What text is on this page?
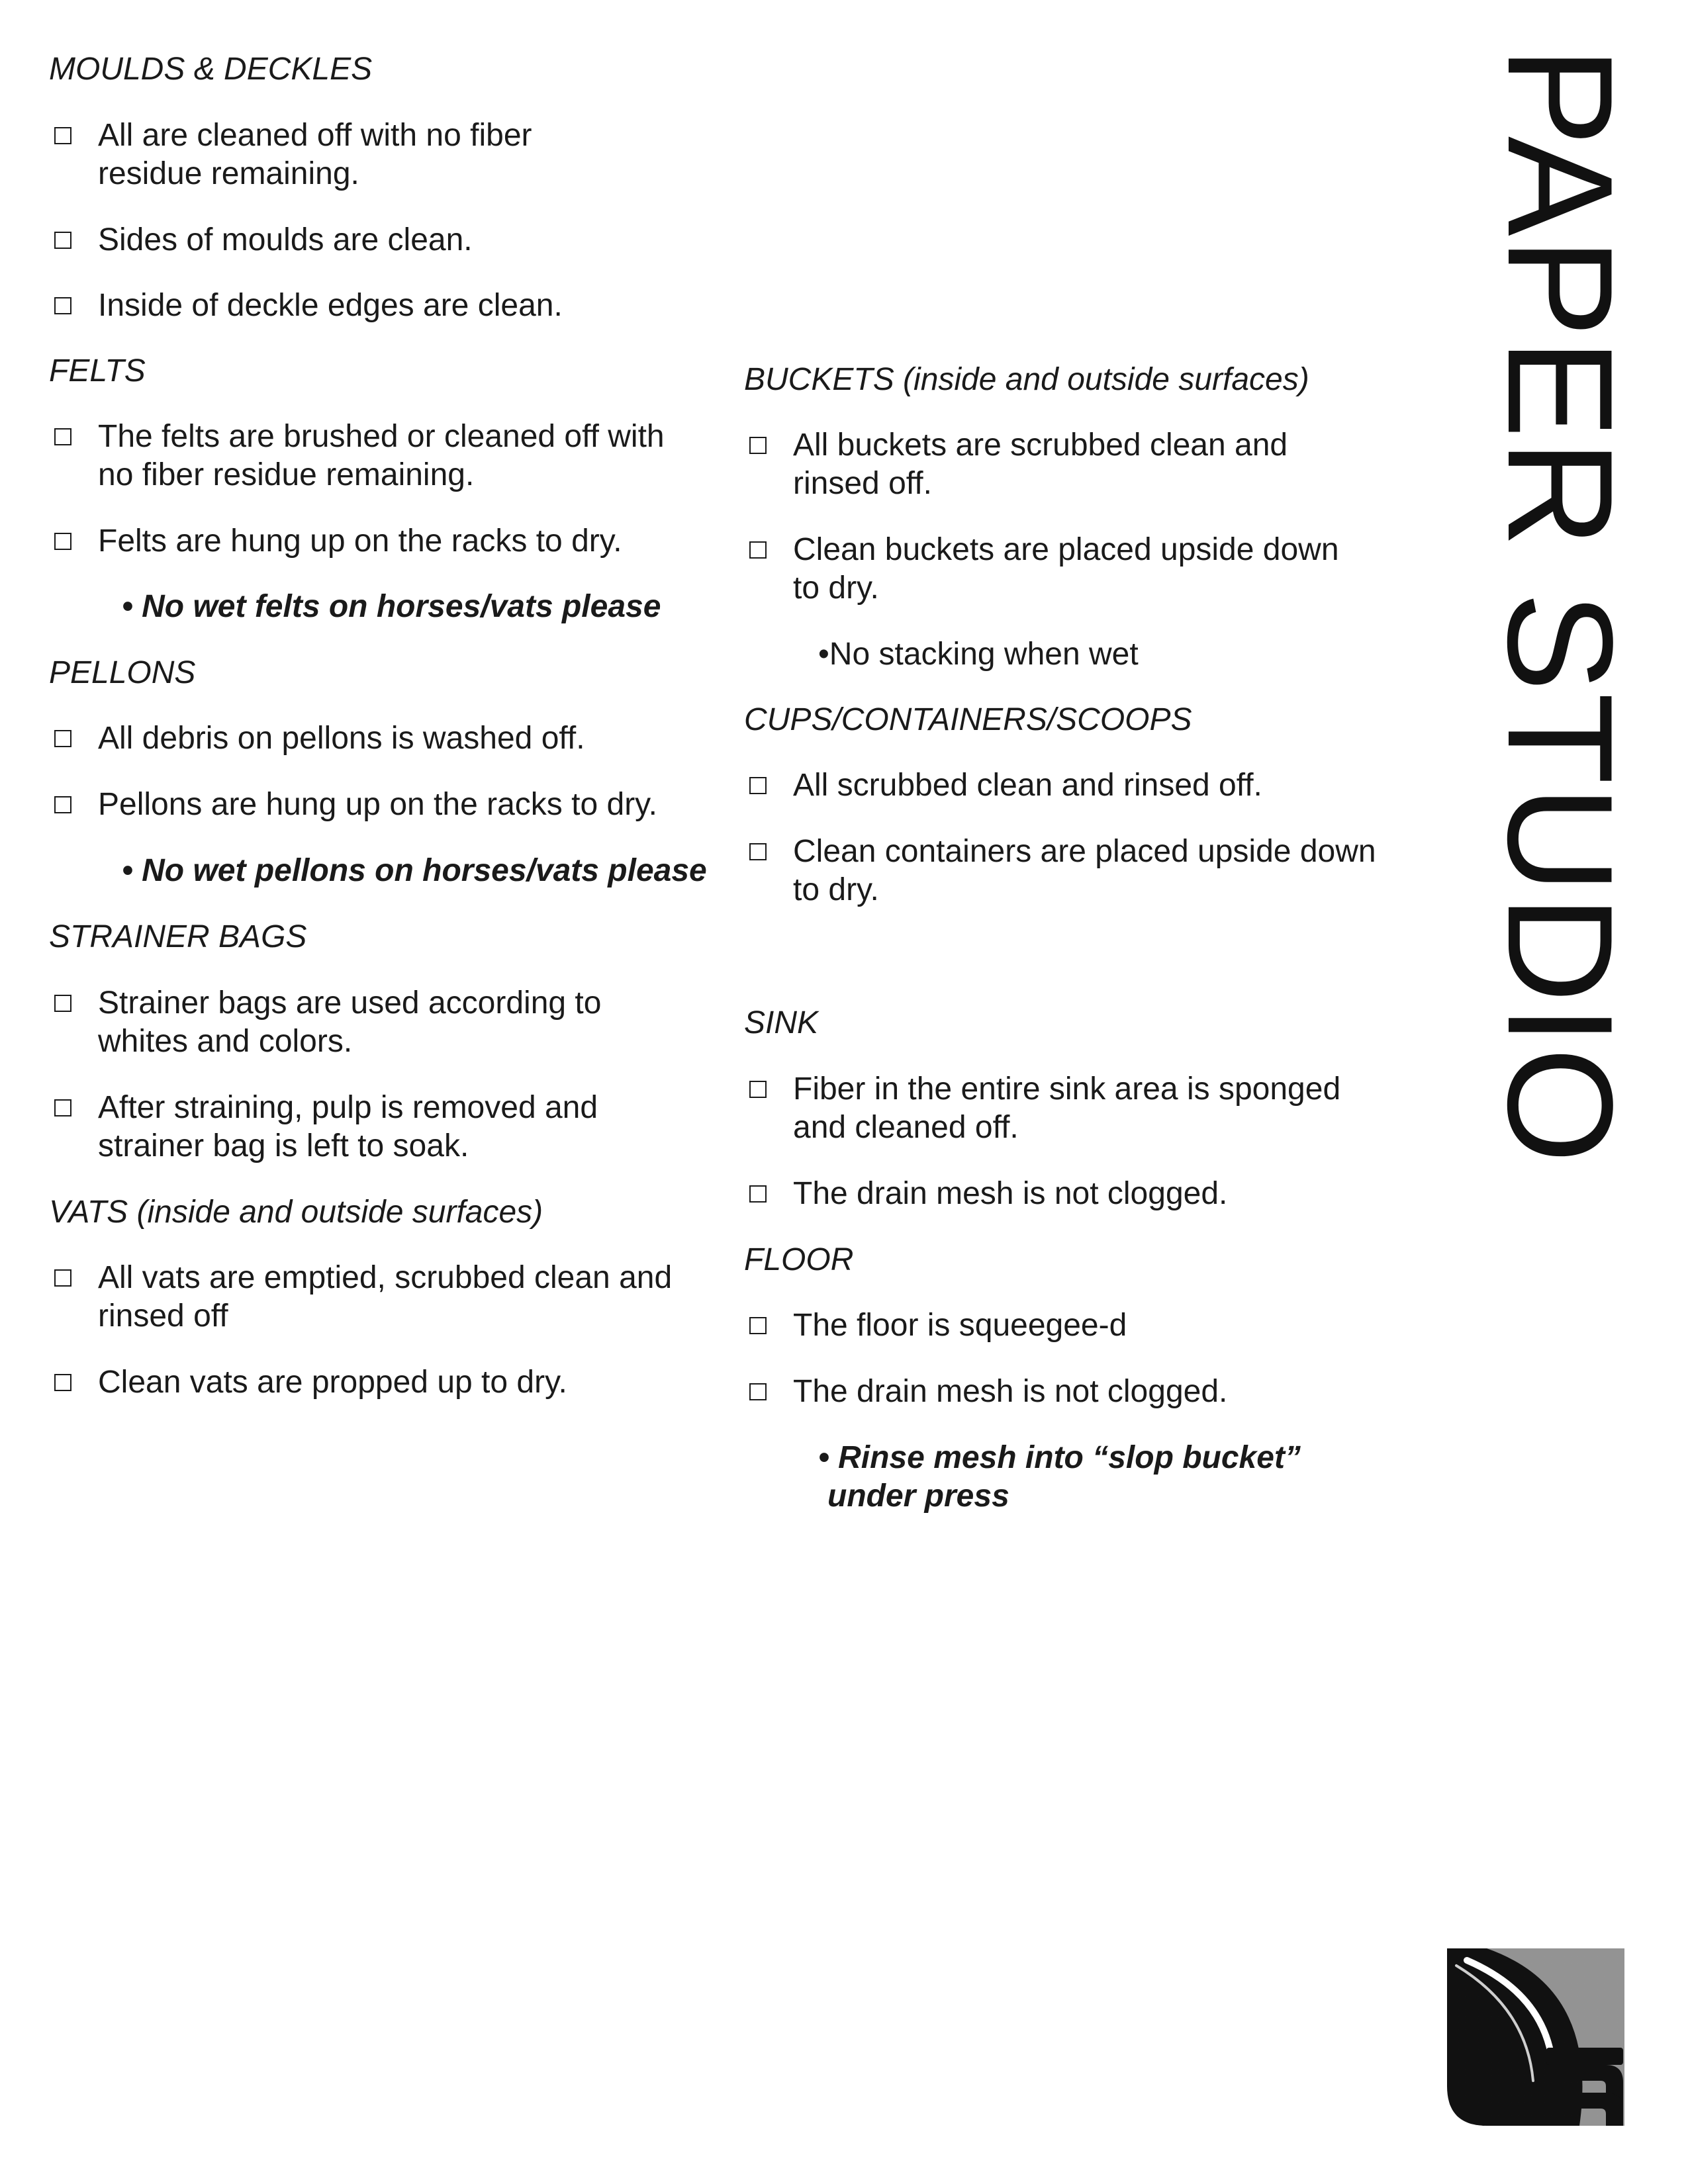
MOULDS & DECKLES
All are cleaned off with no fiber
residue remaining.
Sides of moulds are clean.
Inside of deckle edges are clean.
FELTS
The felts are brushed or cleaned off with
no fiber residue remaining.
Felts are hung up on the racks to dry.
• No wet felts on horses/vats please
PELLONS
All debris on pellons is washed off.
Pellons are hung up on the racks to dry.
• No wet pellons on horses/vats please
STRAINER BAGS
Strainer bags are used according to
whites and colors.
After straining, pulp is removed and
strainer bag is left to soak.
VATS (inside and outside surfaces)
All vats are emptied, scrubbed clean and
rinsed off
Clean vats are propped up to dry.
BUCKETS (inside and outside surfaces)
All buckets are scrubbed clean and
rinsed off.
Clean buckets are placed upside down
to dry.
•No stacking when wet
CUPS/CONTAINERS/SCOOPS
All scrubbed clean and rinsed off.
Clean containers are placed upside down
to dry.
SINK
Fiber in the entire sink area is sponged
and cleaned off.
The drain mesh is not clogged.
FLOOR
The floor is squeegee-d
The drain mesh is not clogged.
• Rinse mesh into “slop bucket”
under press
PAPER STUDIO
